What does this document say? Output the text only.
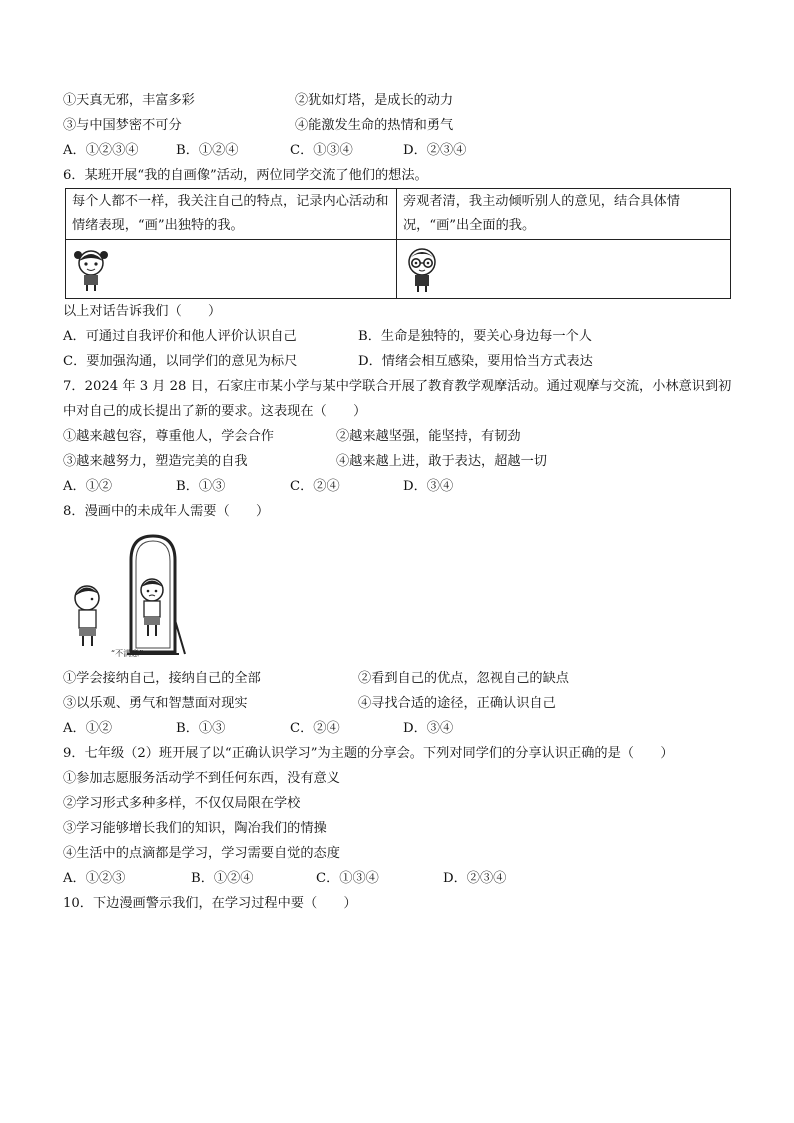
①天真无邪，丰富多彩	②犹如灯塔，是成长的动力
③与中国梦密不可分	④能激发生命的热情和勇气
A．①②③④	B．①②④	C．①③④	D．②③④
6．某班开展“我的自画像”活动，两位同学交流了他们的想法。
每个人都不一样，我关注自己的特点，记录内心活动和情绪表现，“画”出独特的我。	旁观者清，我主动倾听别人的意见，结合具体情况，“画”出全面的我。

以上对话告诉我们（　　）
A．可通过自我评价和他人评价认识自己	B．生命是独特的，要关心身边每一个人
C．要加强沟通，以同学们的意见为标尺	D．情绪会相互感染，要用恰当方式表达
7．2024 年 3 月 28 日，石家庄市某小学与某中学联合开展了教育教学观摩活动。通过观摩与交流，小林意识到初中对自己的成长提出了新的要求。这表现在（　　）
①越来越包容，尊重他人，学会合作	②越来越坚强，能坚持，有韧劲
③越来越努力，塑造完美的自我	④越来越上进，敢于表达，超越一切
A．①②	B．①③	C．②④	D．③④
8．漫画中的未成年人需要（　　）
“不满意”
①学会接纳自己，接纳自己的全部	②看到自己的优点，忽视自己的缺点
③以乐观、勇气和智慧面对现实	④寻找合适的途径，正确认识自己
A．①②	B．①③	C．②④	D．③④
9．七年级（2）班开展了以“正确认识学习”为主题的分享会。下列对同学们的分享认识正确的是（　　）
①参加志愿服务活动学不到任何东西，没有意义
②学习形式多种多样，不仅仅局限在学校
③学习能够增长我们的知识，陶冶我们的情操
④生活中的点滴都是学习，学习需要自觉的态度
A．①②③	B．①②④	C．①③④	D．②③④
10．下边漫画警示我们，在学习过程中要（　　）
